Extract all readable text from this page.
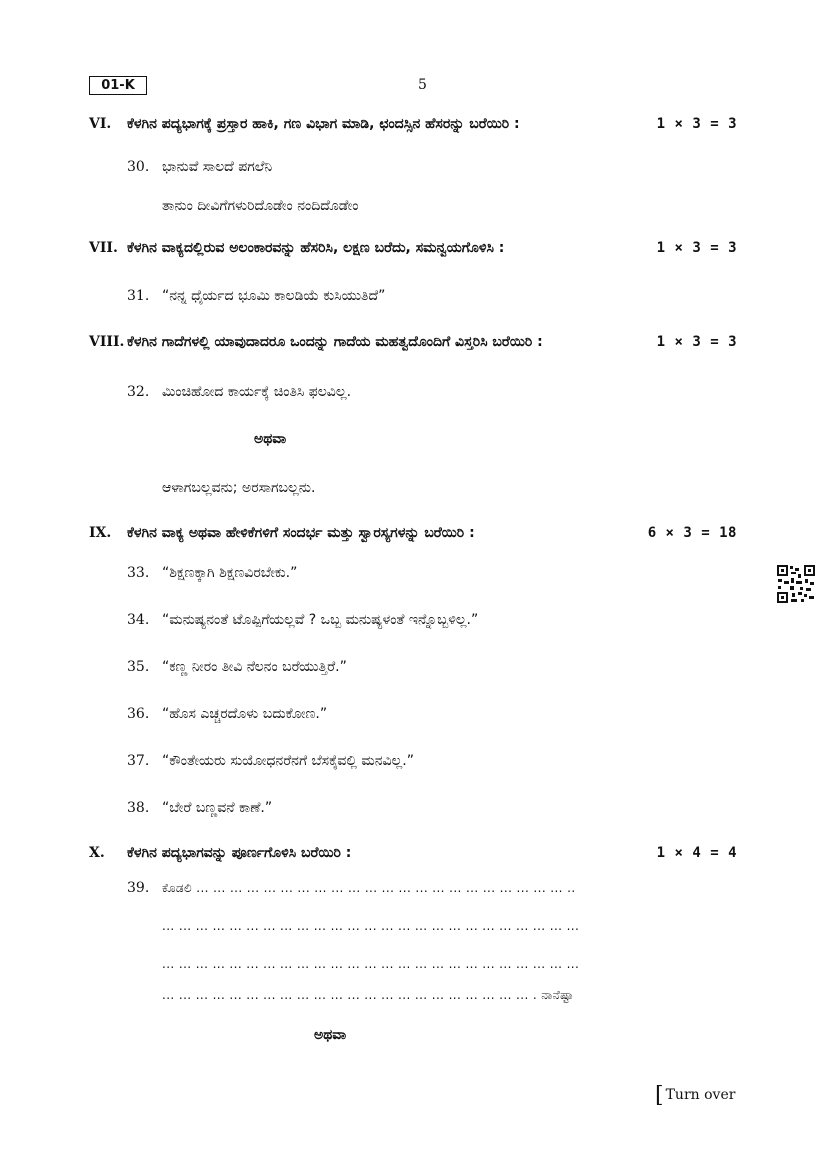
01-K	5
VI. ಕೆಳಗಿನ ಪದ್ಯಭಾಗಕ್ಕೆ ಪ್ರಸ್ತಾರ ಹಾಕಿ, ಗಣ ವಿಭಾಗ ಮಾಡಿ, ಛಂದಸ್ಸಿನ ಹೆಸರನ್ನು ಬರೆಯಿರಿ :	1 × 3 = 3
30. ಭಾನುವೆ ಸಾಲದೆ ಪಗಲೆನಿ
ತಾನುಂ ದೀವಿಗೆಗಳುರಿದೊಡೇಂ ನಂದಿದೊಡೇಂ
VII. ಕೆಳಗಿನ ವಾಕ್ಯದಲ್ಲಿರುವ ಅಲಂಕಾರವನ್ನು ಹೆಸರಿಸಿ, ಲಕ್ಷಣ ಬರೆದು, ಸಮನ್ವಯಗೊಳಿಸಿ :	1 × 3 = 3
31. “ನನ್ನ ಧೈರ್ಯದ ಭೂಮಿ ಕಾಲಡಿಯೆ ಕುಸಿಯುತಿದೆ”
VIII. ಕೆಳಗಿನ ಗಾದೆಗಳಲ್ಲಿ ಯಾವುದಾದರೂ ಒಂದನ್ನು ಗಾದೆಯ ಮಹತ್ವದೊಂದಿಗೆ ವಿಸ್ತರಿಸಿ ಬರೆಯಿರಿ :	1 × 3 = 3
32. ಮಿಂಚಿಹೋದ ಕಾರ್ಯಕ್ಕೆ ಚಿಂತಿಸಿ ಫಲವಿಲ್ಲ.
ಅಥವಾ
ಆಳಾಗಬಲ್ಲವನು; ಅರಸಾಗಬಲ್ಲನು.
IX. ಕೆಳಗಿನ ವಾಕ್ಯ ಅಥವಾ ಹೇಳಿಕೆಗಳಿಗೆ ಸಂದರ್ಭ ಮತ್ತು ಸ್ವಾರಸ್ಯಗಳನ್ನು ಬರೆಯಿರಿ :	6 × 3 = 18
33. “ಶಿಕ್ಷಣಕ್ಕಾಗಿ ಶಿಕ್ಷಣವಿರಬೇಕು.”
34. “ಮನುಷ್ಯನಂತೆ ಟೊಪ್ಪಿಗೆಯಲ್ಲವೆ ? ಒಬ್ಬ ಮನುಷ್ಯಳಂತೆ ಇನ್ನೊಬ್ಬಳಿಲ್ಲ.”
35. “ಕಣ್ಣ ನೀರಂ ತೀವಿ ನೆಲನಂ ಬರೆಯುತ್ತಿರೆ.”
36. “ಹೊಸ ಎಚ್ಚರದೊಳು ಬದುಕೋಣ.”
37. “ಕೌಂತೇಯರು ಸುಯೋಧನರೆನಗೆ ಬೆಸಕೈವಲ್ಲಿ ಮನವಿಲ್ಲ.”
38. “ಬೇರೆ ಬಣ್ಣವನೆ ಕಾಣೆ.”
X. ಕೆಳಗಿನ ಪದ್ಯಭಾಗವನ್ನು ಪೂರ್ಣಗೊಳಿಸಿ ಬರೆಯಿರಿ :	1 × 4 = 4
39. ಕೊಡಲಿ ... ... ... ... ... ... ... ... ... ... ... ... ... ... ... ... ... ... ... ... ... ... ..
... ... ... ... ... ... ... ... ... ... ... ... ... ... ... ... ... ... ... ... ... ... ... ... ...
... ... ... ... ... ... ... ... ... ... ... ... ... ... ... ... ... ... ... ... ... ... ... ... ...
... ... ... ... ... ... ... ... ... ... ... ... ... ... ... ... ... ... ... ... ... ... . ನಾನೆಷ್ಟಾ
ಅಥವಾ
[ Turn over
